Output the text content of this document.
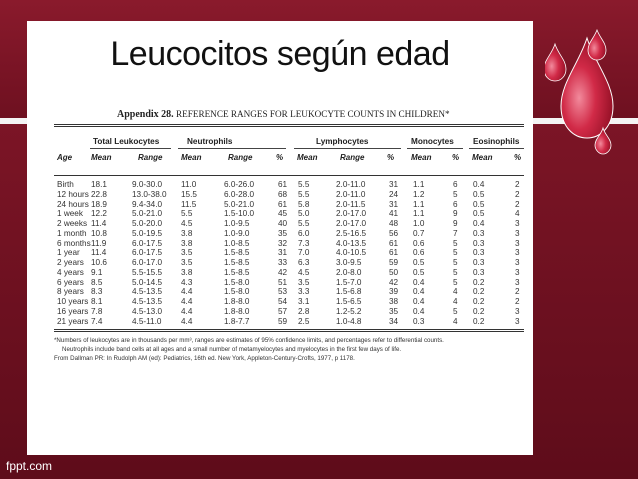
Leucocitos según edad
Appendix 28. REFERENCE RANGES FOR LEUKOCYTE COUNTS IN CHILDREN*
Total Leukocytes	Neutrophils	Lymphocytes	Monocytes Eosinophils
Age Mean	Range Mean	Range	% Mean	Range	% Mean	% Mean	%
Birth 18.1	9.0-30.0 11.0	6.0-26.0	61 5.5	2.0-11.0	31 1.1	6 0.4	2
12 hours 22.8	13.0-38.0 15.5	6.0-28.0	68 5.5	2.0-11.0	24 1.2	5 0.5	2
24 hours 18.9	9.4-34.0 11.5	5.0-21.0	61 5.8	2.0-11.5	31 1.1	6 0.5	2
1 week 12.2	5.0-21.0 5.5	1.5-10.0	45 5.0	2.0-17.0	41 1.1	9 0.5	4
2 weeks 11.4	5.0-20.0 4.5	1.0-9.5	40 5.5	2.0-17.0	48 1.0	9 0.4	3
1 month 10.8	5.0-19.5 3.8	1.0-9.0	35 6.0	2.5-16.5	56 0.7	7 0.3	3
6 months 11.9	6.0-17.5 3.8	1.0-8.5	32 7.3	4.0-13.5	61 0.6	5 0.3	3
1 year 11.4	6.0-17.5 3.5	1.5-8.5	31 7.0	4.0-10.5	61 0.6	5 0.3	3
2 years 10.6	6.0-17.0 3.5	1.5-8.5	33 6.3	3.0-9.5	59 0.5	5 0.3	3
4 years 9.1	5.5-15.5 3.8	1.5-8.5	42 4.5	2.0-8.0	50 0.5	5 0.3	3
6 years 8.5	5.0-14.5 4.3	1.5-8.0	51 3.5	1.5-7.0	42 0.4	5 0.2	3
8 years 8.3	4.5-13.5 4.4	1.5-8.0	53 3.3	1.5-6.8	39 0.4	4 0.2	2
10 years 8.1	4.5-13.5 4.4	1.8-8.0	54 3.1	1.5-6.5	38 0.4	4 0.2	2
16 years 7.8	4.5-13.0 4.4	1.8-8.0	57 2.8	1.2-5.2	35 0.4	5 0.2	3
21 years 7.4	4.5-11.0 4.4	1.8-7.7	59 2.5	1.0-4.8	34 0.3	4 0.2	3
*Numbers of leukocytes are in thousands per mm³, ranges are estimates of 95% confidence limits, and percentages refer to differential counts.
Neutrophils include band cells at all ages and a small number of metamyelocytes and myelocytes in the first few days of life.
From Dallman PR: In Rudolph AM (ed): Pediatrics, 16th ed. New York, Appleton-Century-Crofts, 1977, p 1178.
fppt.com
